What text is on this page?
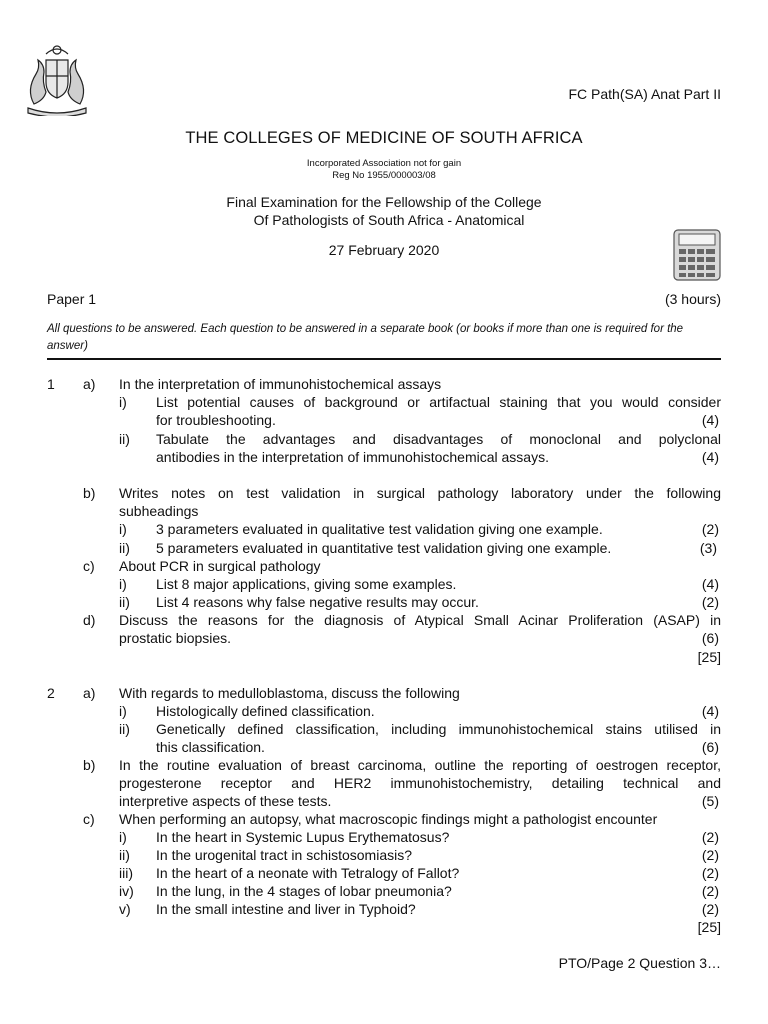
FC Path(SA) Anat Part II
THE COLLEGES OF MEDICINE OF SOUTH AFRICA
Incorporated Association not for gain
Reg No 1955/000003/08
Final Examination for the Fellowship of the College
Of Pathologists of South Africa - Anatomical
27 February 2020
Paper 1	(3 hours)
All questions to be answered. Each question to be answered in a separate book (or books if more than one is required for the answer)
1 a) In the interpretation of immunohistochemical assays
i) List potential causes of background or artifactual staining that you would consider
for troubleshooting.	(4)
ii) Tabulate the advantages and disadvantages of monoclonal and polyclonal
antibodies in the interpretation of immunohistochemical assays.	(4)
b) Writes notes on test validation in surgical pathology laboratory under the following
subheadings
i) 3 parameters evaluated in qualitative test validation giving one example.	(2)
ii) 5 parameters evaluated in quantitative test validation giving one example.	(3)
c) About PCR in surgical pathology
i) List 8 major applications, giving some examples.	(4)
ii) List 4 reasons why false negative results may occur.	(2)
d) Discuss the reasons for the diagnosis of Atypical Small Acinar Proliferation (ASAP) in
prostatic biopsies.	(6)
[25]
2 a) With regards to medulloblastoma, discuss the following
i) Histologically defined classification.	(4)
ii) Genetically defined classification, including immunohistochemical stains utilised in
this classification.	(6)
b) In the routine evaluation of breast carcinoma, outline the reporting of oestrogen receptor,
progesterone receptor and HER2 immunohistochemistry, detailing technical and
interpretive aspects of these tests.	(5)
c) When performing an autopsy, what macroscopic findings might a pathologist encounter
i) In the heart in Systemic Lupus Erythematosus?	(2)
ii) In the urogenital tract in schistosomiasis?	(2)
iii) In the heart of a neonate with Tetralogy of Fallot?	(2)
iv) In the lung, in the 4 stages of lobar pneumonia?	(2)
v) In the small intestine and liver in Typhoid?	(2)
[25]
PTO/Page 2 Question 3…
